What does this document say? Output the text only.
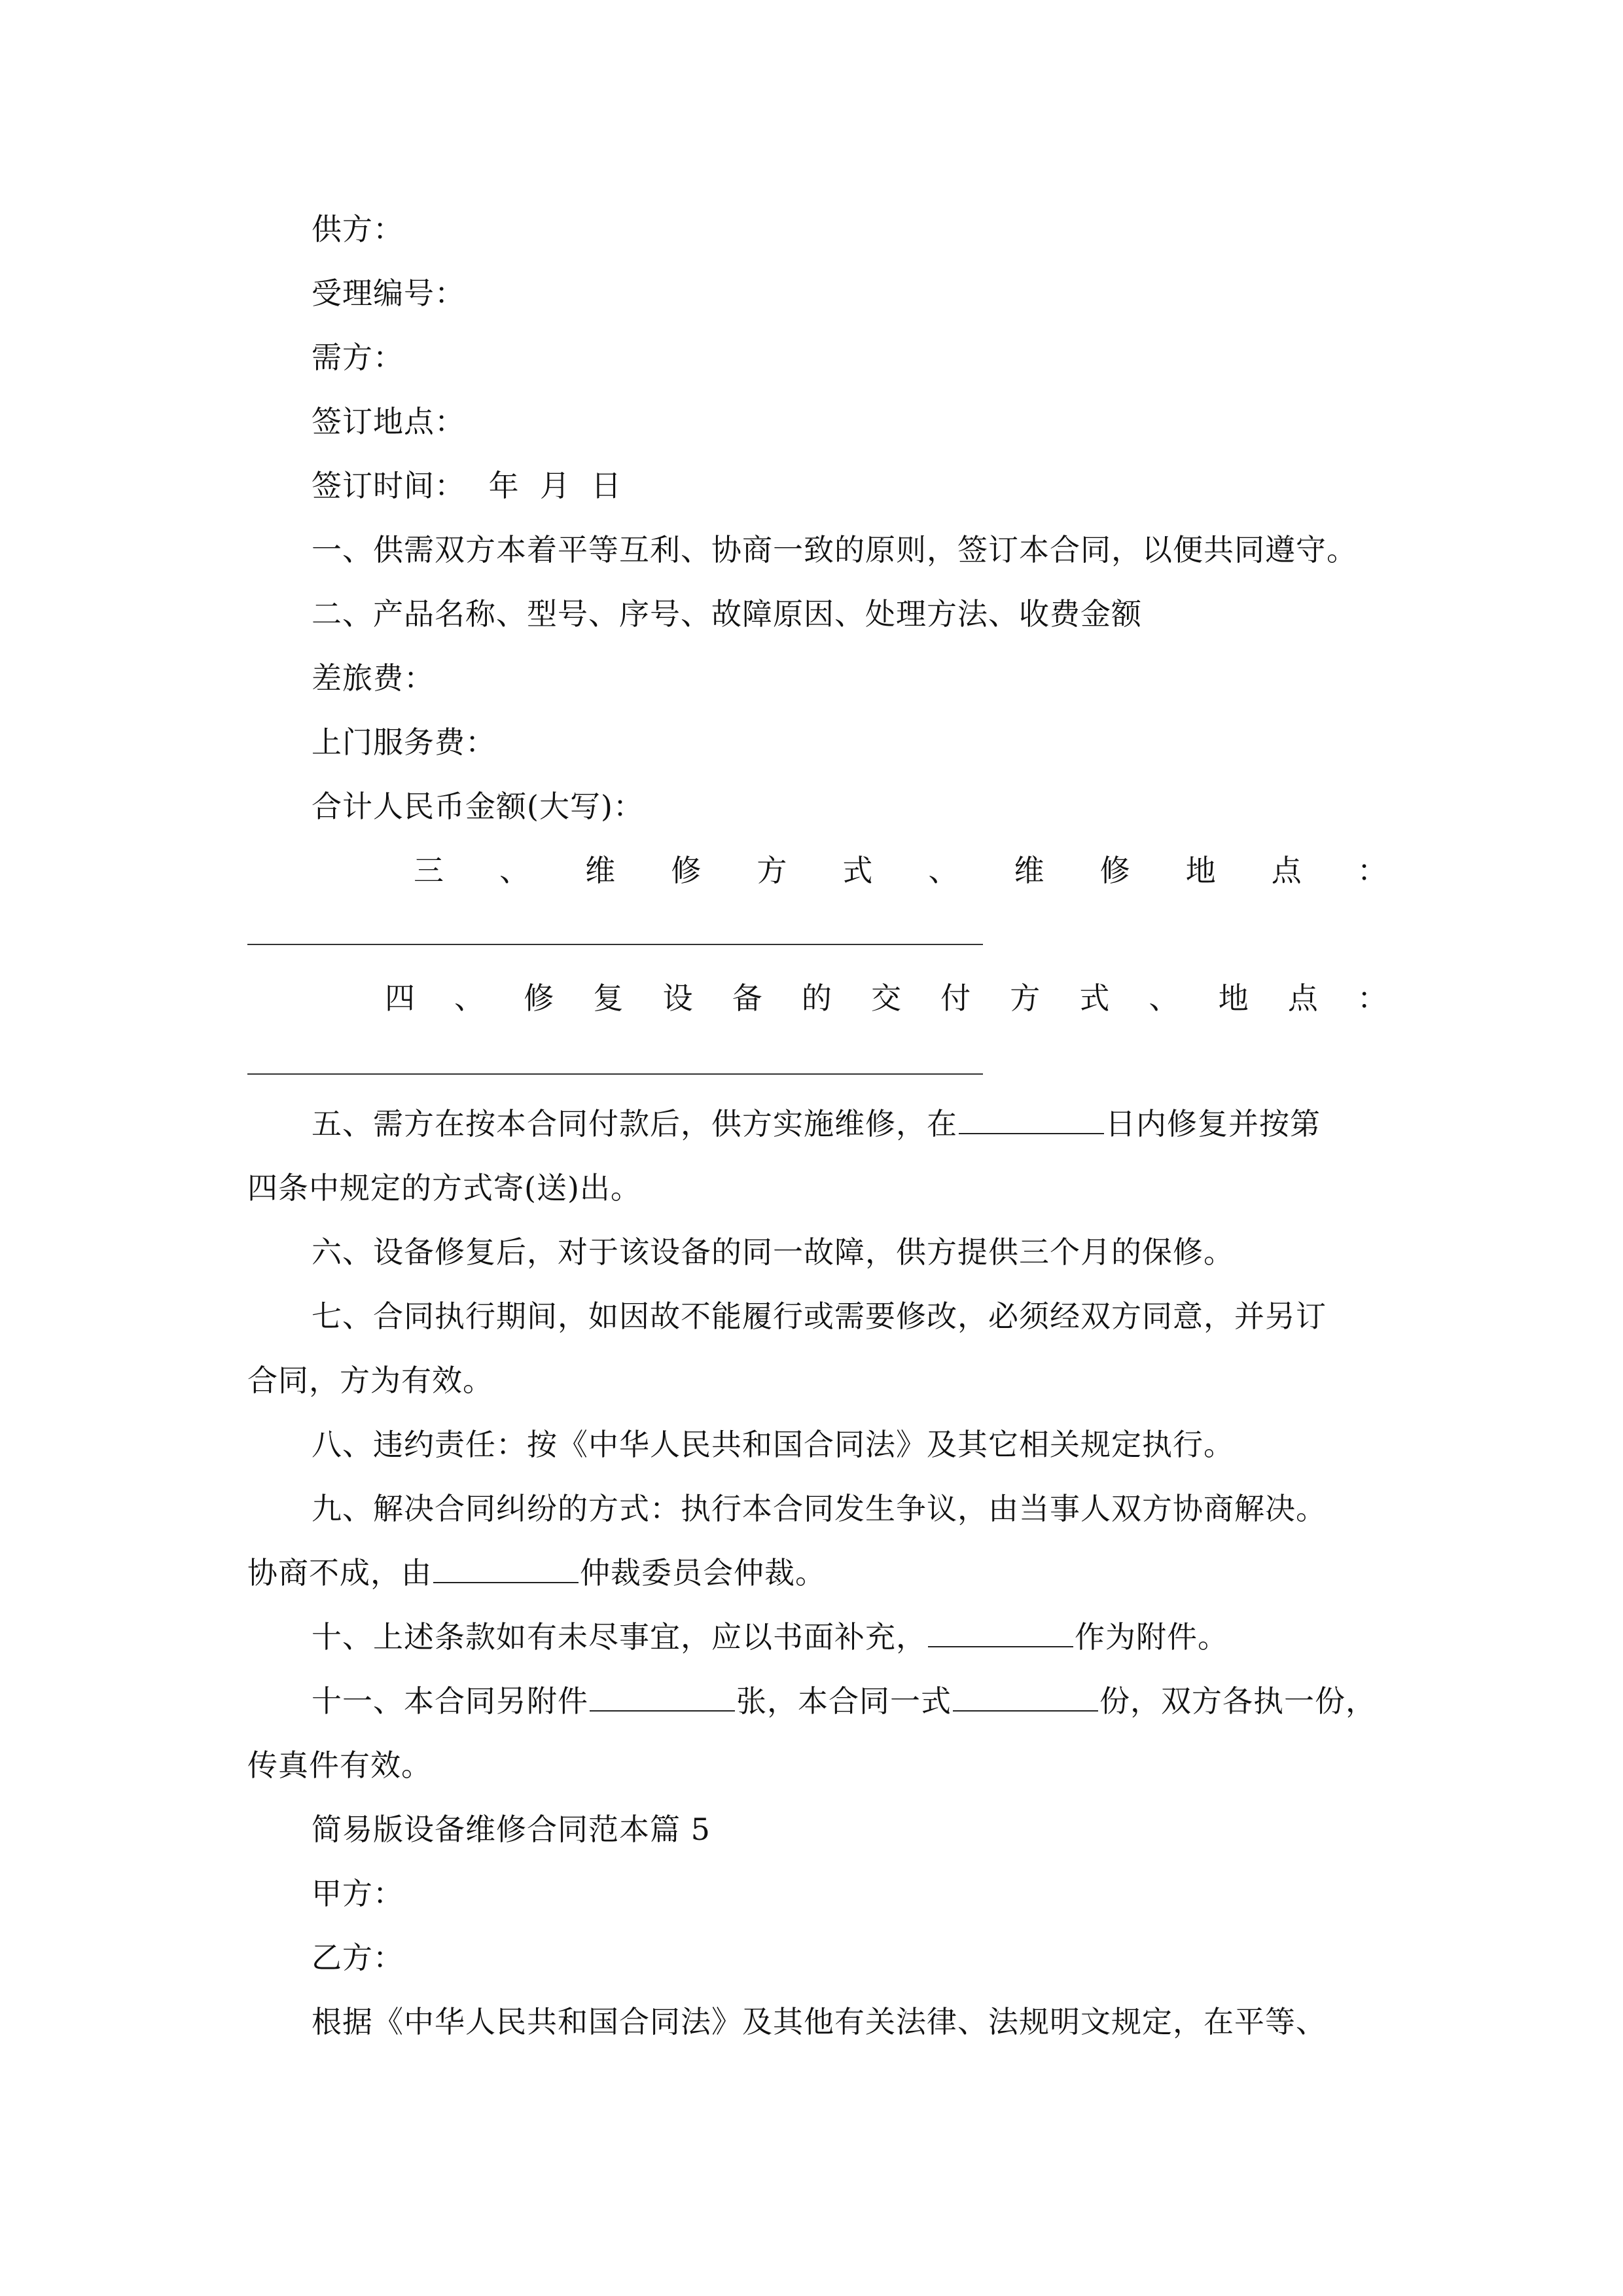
供方：
受理编号：
需方：
签订地点：
签订时间： 年  月  日
一、供需双方本着平等互利、协商一致的原则，签订本合同，以便共同遵守。
二、产品名称、型号、序号、故障原因、处理方法、收费金额
差旅费：
上门服务费：
合计人民币金额(大写)：
三 、 维 修 方 式 、 维 修 地 点 ：
四 、 修 复 设 备 的 交 付 方 式 、 地 点 ：
五、需方在按本合同付款后，供方实施维修，在	日内修复并按第
四条中规定的方式寄(送)出。
六、设备修复后，对于该设备的同一故障，供方提供三个月的保修。
七、合同执行期间，如因故不能履行或需要修改，必须经双方同意，并另订
合同，方为有效。
八、违约责任：按《中华人民共和国合同法》及其它相关规定执行。
九、解决合同纠纷的方式：执行本合同发生争议，由当事人双方协商解决。
协商不成，由	仲裁委员会仲裁。
十、上述条款如有未尽事宜，应以书面补充，	作为附件。
十一、本合同另附件	张，本合同一式	份，双方各执一份，
传真件有效。
简易版设备维修合同范本篇 5
甲方：
乙方：
根据《中华人民共和国合同法》及其他有关法律、法规明文规定，在平等、
